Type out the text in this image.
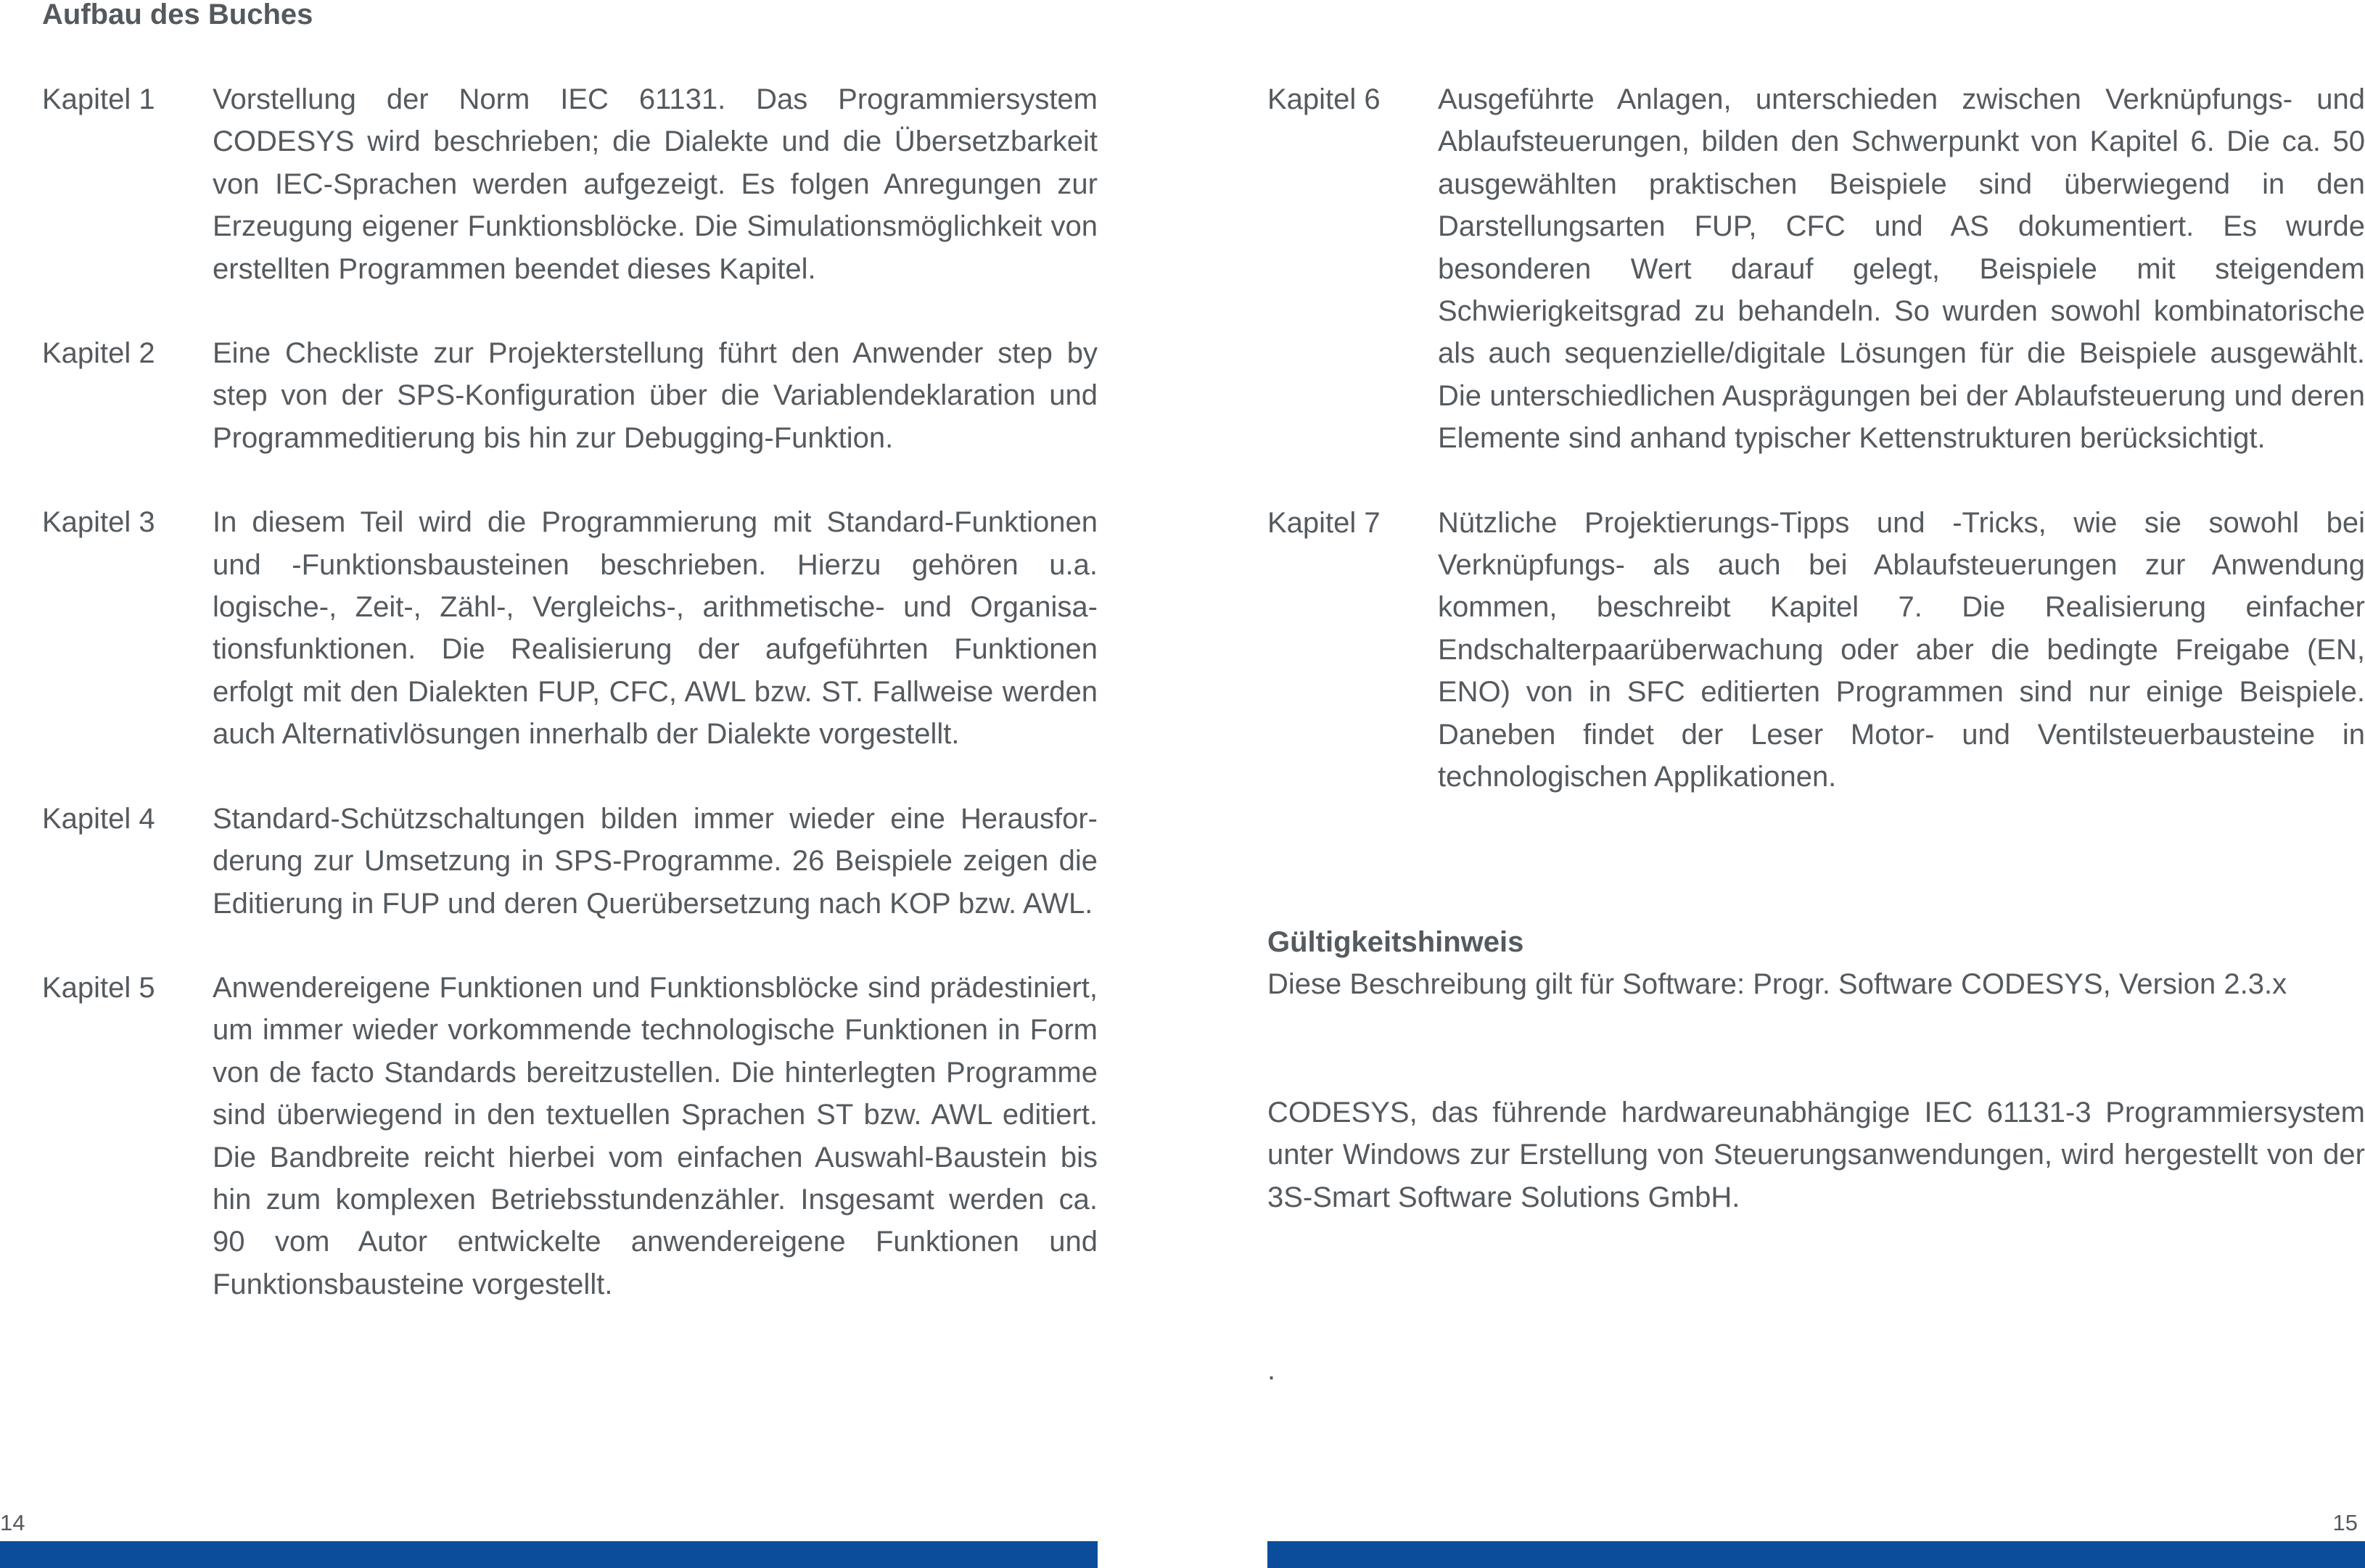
Aufbau des Buches
Kapitel 1	Vorstellung der Norm IEC 61131. Das Programmiersystem CODESYS wird beschrieben; die Dialekte und die Übersetzbarkeit von IEC-Sprachen werden aufgezeigt. Es folgen Anregungen zur Erzeugung eigener Funktionsblöcke. Die Simulationsmöglichkeit von erstellten Programmen beendet dieses Kapitel.

Kapitel 2	Eine Checkliste zur Projekterstellung führt den Anwender step by step von der SPS-Konfiguration über die Variablendeklaration und Programmeditierung bis hin zur Debugging-Funktion.

Kapitel 3	In diesem Teil wird die Programmierung mit Standard-Funktionen und -Funktionsbausteinen beschrieben. Hierzu gehören u.a. logische-, Zeit-, Zähl-, Vergleichs-, arithmetische- und Organisationsfunktionen. Die Realisierung der aufgeführten Funktionen erfolgt mit den Dialekten FUP, CFC, AWL bzw. ST. Fallweise werden auch Alternativlösungen innerhalb der Dialekte vorgestellt.

Kapitel 4	Standard-Schützschaltungen bilden immer wieder eine Herausforderung zur Umsetzung in SPS-Programme. 26 Beispiele zeigen die Editierung in FUP und deren Querübersetzung nach KOP bzw. AWL.

Kapitel 5	Anwendereigene Funktionen und Funktionsblöcke sind prädestiniert, um immer wieder vorkommende technologische Funktionen in Form von de facto Standards bereitzustellen. Die hinterlegten Programme sind überwiegend in den textuellen Sprachen ST bzw. AWL editiert. Die Bandbreite reicht hierbei vom einfachen Auswahl-Baustein bis hin zum komplexen Betriebsstundenzähler. Insgesamt werden ca. 90 vom Autor entwickelte anwendereigene Funktionen und Funktionsbausteine vorgestellt.

Kapitel 6	Ausgeführte Anlagen, unterschieden zwischen Verknüpfungs- und Ablaufsteuerungen, bilden den Schwerpunkt von Kapitel 6. Die ca. 50 ausgewählten praktischen Beispiele sind überwiegend in den Darstellungsarten FUP, CFC und AS dokumentiert. Es wurde besonderen Wert darauf gelegt, Beispiele mit steigendem Schwierigkeitsgrad zu behandeln. So wurden sowohl kombinatorische als auch sequenzielle/digitale Lösungen für die Beispiele ausgewählt. Die unterschiedlichen Ausprägungen bei der Ablaufsteuerung und deren Elemente sind anhand typischer Kettenstrukturen berücksichtigt.

Kapitel 7	Nützliche Projektierungs-Tipps und -Tricks, wie sie sowohl bei Verknüpfungs- als auch bei Ablaufsteuerungen zur Anwendung kommen, beschreibt Kapitel 7. Die Realisierung einfacher Endschalterpaarüberwachung oder aber die bedingte Freigabe (EN, ENO) von in SFC editierten Programmen sind nur einige Beispiele. Daneben findet der Leser Motor- und Ventilsteuerbausteine in technologischen Applikationen.

Gültigkeitshinweis

Diese Beschreibung gilt für Software: Progr. Software CODESYS, Version 2.3.x

CODESYS, das führende hardwareunabhängige IEC 61131-3 Programmiersystem unter Windows zur Erstellung von Steuerungsanwendungen, wird hergestellt von der 3S-Smart Software Solutions GmbH.

.
14	15
